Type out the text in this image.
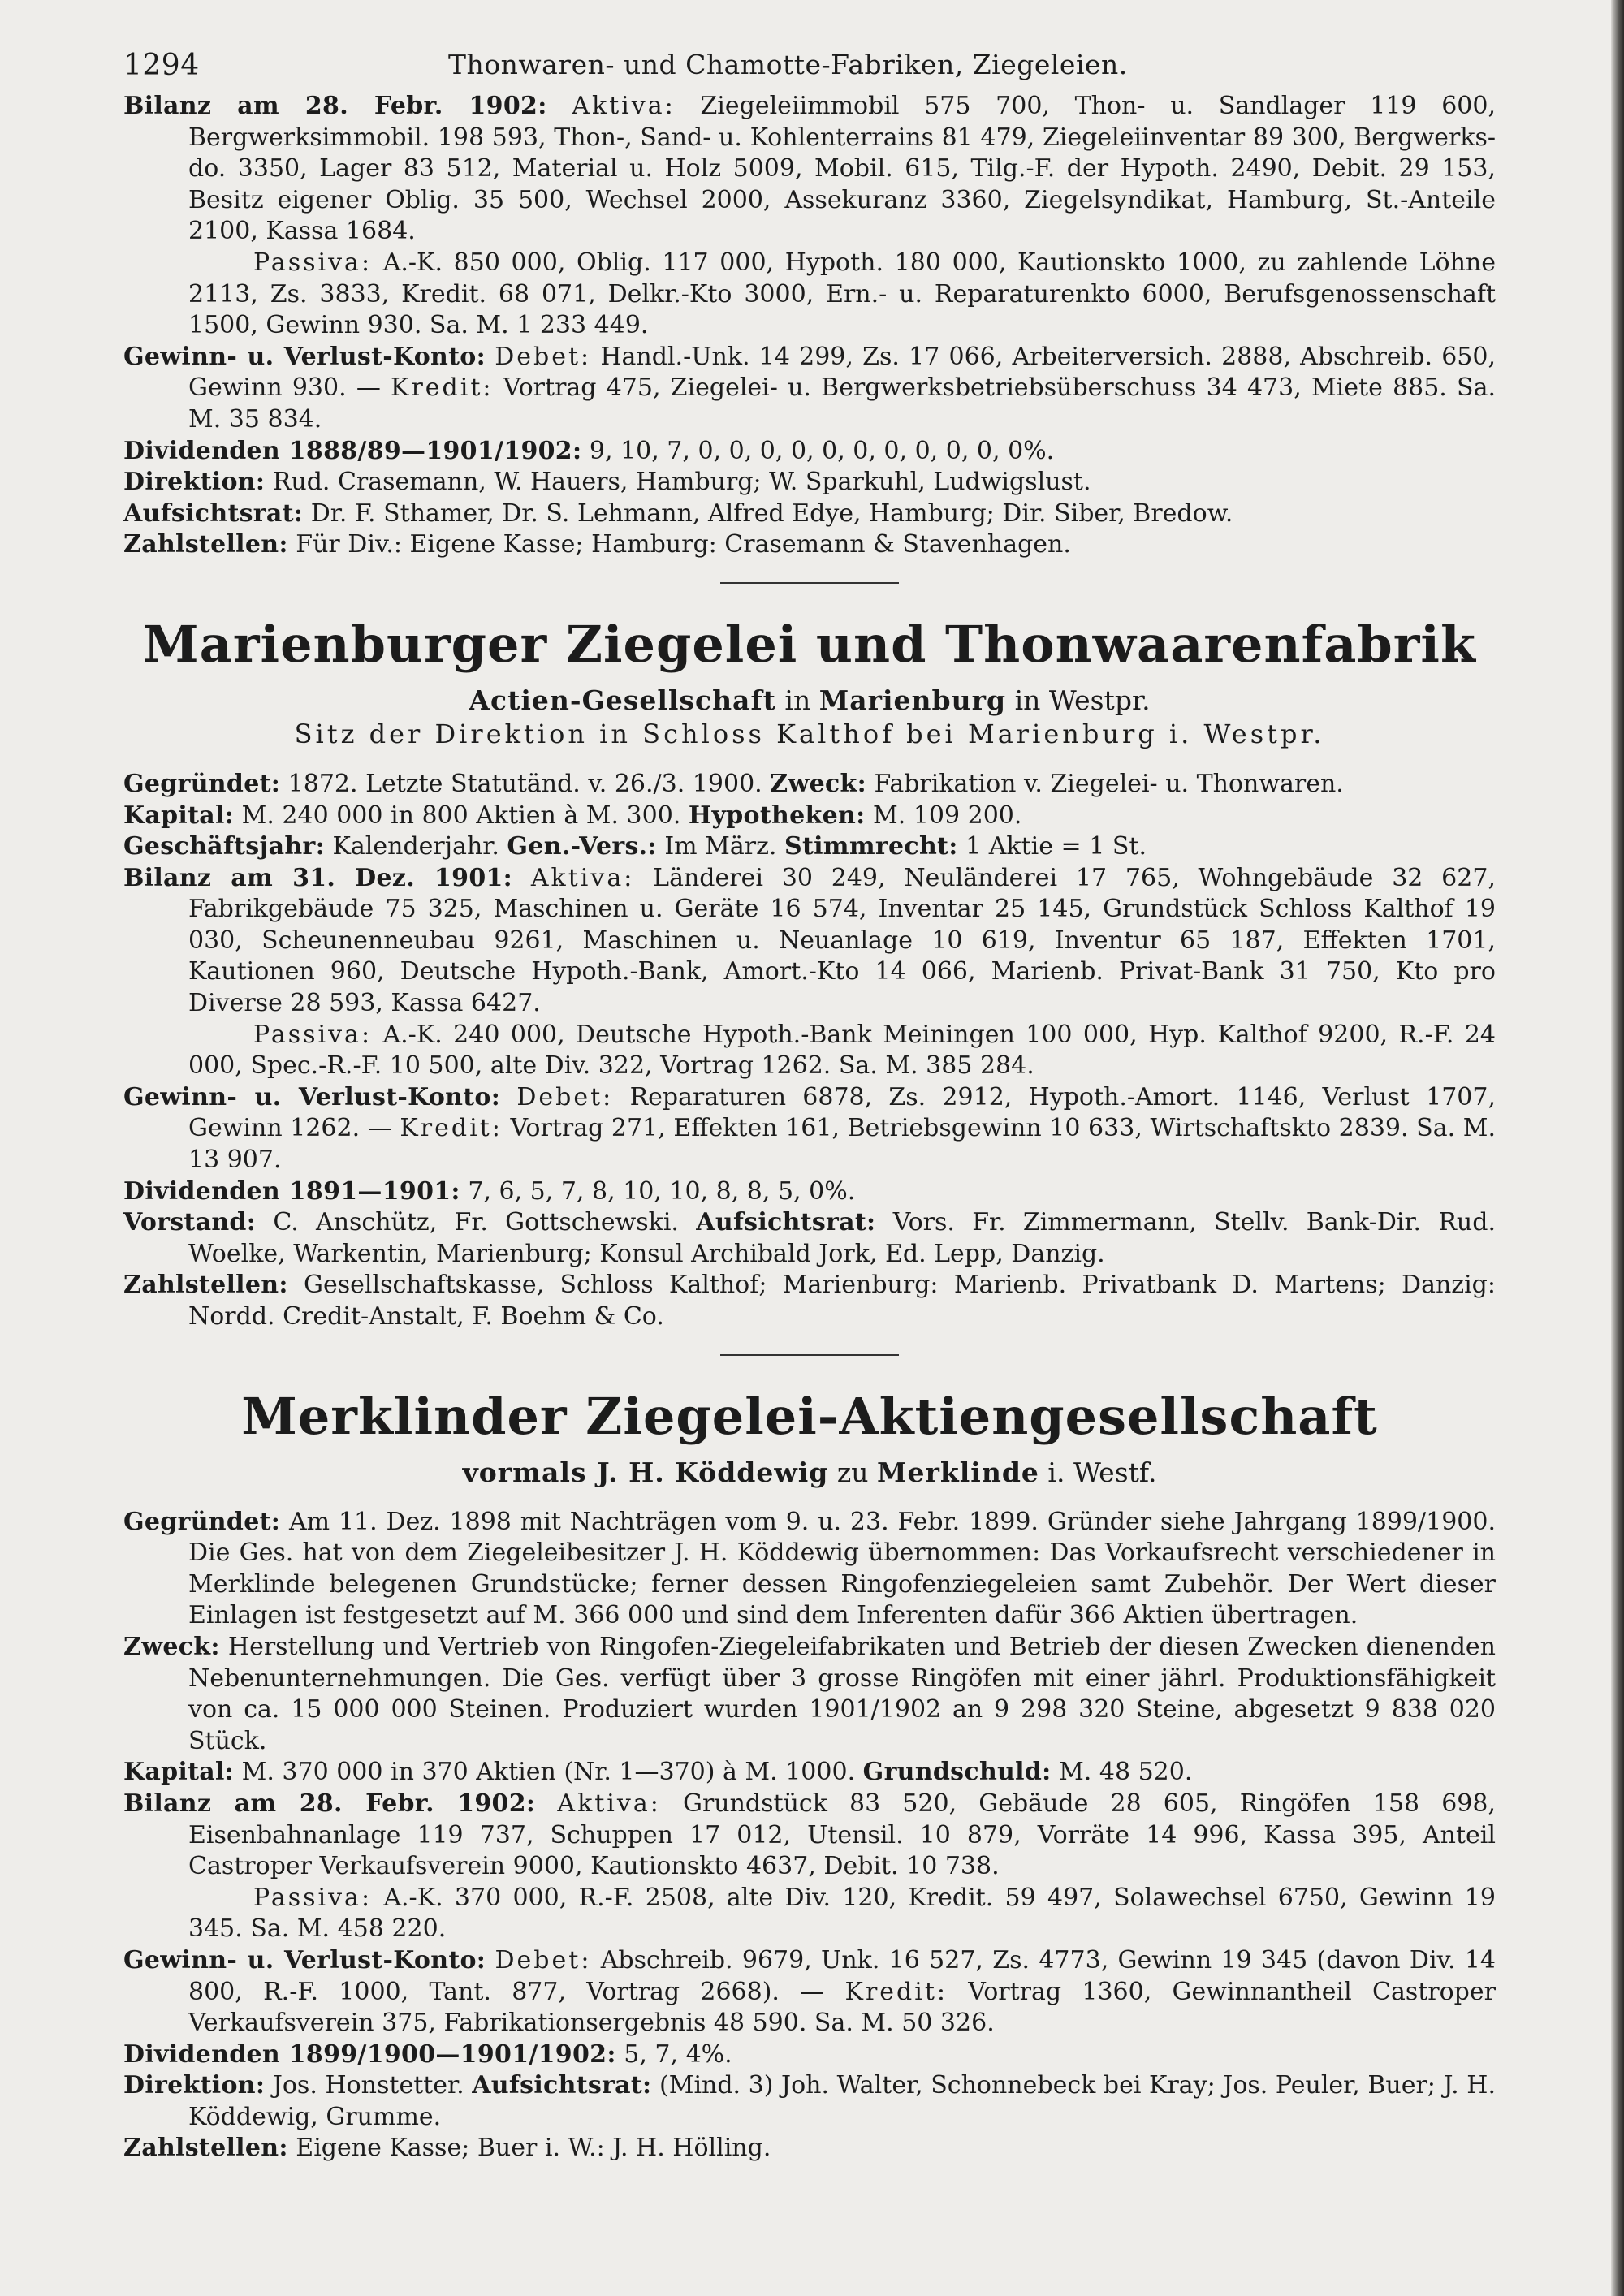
1294	Thonwaren- und Chamotte-Fabriken, Ziegeleien.

Bilanz am 28. Febr. 1902: Aktiva: Ziegeleiimmobil 575 700, Thon- u. Sandlager 119 600, Bergwerksimmobil. 198 593, Thon-, Sand- u. Kohlenterrains 81 479, Ziegeleiinventar 89 300, Bergwerks- do. 3350, Lager 83 512, Material u. Holz 5009, Mobil. 615, Tilg.-F. der Hypoth. 2490, Debit. 29 153, Besitz eigener Oblig. 35 500, Wechsel 2000, Assekuranz 3360, Ziegelsyndikat, Hamburg, St.-Anteile 2100, Kassa 1684.

Passiva: A.-K. 850 000, Oblig. 117 000, Hypoth. 180 000, Kautionskto 1000, zu zahlende Löhne 2113, Zs. 3833, Kredit. 68 071, Delkr.-Kto 3000, Ern.- u. Reparaturenkto 6000, Berufsgenossenschaft 1500, Gewinn 930. Sa. M. 1 233 449.

Gewinn- u. Verlust-Konto: Debet: Handl.-Unk. 14 299, Zs. 17 066, Arbeiterversich. 2888, Abschreib. 650, Gewinn 930. — Kredit: Vortrag 475, Ziegelei- u. Bergwerksbetriebsüberschuss 34 473, Miete 885. Sa. M. 35 834.

Dividenden 1888/89—1901/1902: 9, 10, 7, 0, 0, 0, 0, 0, 0, 0, 0, 0, 0, 0%.

Direktion: Rud. Crasemann, W. Hauers, Hamburg; W. Sparkuhl, Ludwigslust.

Aufsichtsrat: Dr. F. Sthamer, Dr. S. Lehmann, Alfred Edye, Hamburg; Dir. Siber, Bredow.

Zahlstellen: Für Div.: Eigene Kasse; Hamburg: Crasemann & Stavenhagen.

Marienburger Ziegelei und Thonwaarenfabrik

Actien-Gesellschaft in Marienburg in Westpr.

Sitz der Direktion in Schloss Kalthof bei Marienburg i. Westpr.

Gegründet: 1872. Letzte Statutänd. v. 26./3. 1900. Zweck: Fabrikation v. Ziegelei- u. Thonwaren.

Kapital: M. 240 000 in 800 Aktien à M. 300. Hypotheken: M. 109 200.

Geschäftsjahr: Kalenderjahr. Gen.-Vers.: Im März. Stimmrecht: 1 Aktie = 1 St.

Bilanz am 31. Dez. 1901: Aktiva: Länderei 30 249, Neuländerei 17 765, Wohngebäude 32 627, Fabrikgebäude 75 325, Maschinen u. Geräte 16 574, Inventar 25 145, Grundstück Schloss Kalthof 19 030, Scheunenneubau 9261, Maschinen u. Neuanlage 10 619, Inventur 65 187, Effekten 1701, Kautionen 960, Deutsche Hypoth.-Bank, Amort.-Kto 14 066, Marienb. Privat-Bank 31 750, Kto pro Diverse 28 593, Kassa 6427.

Passiva: A.-K. 240 000, Deutsche Hypoth.-Bank Meiningen 100 000, Hyp. Kalthof 9200, R.-F. 24 000, Spec.-R.-F. 10 500, alte Div. 322, Vortrag 1262. Sa. M. 385 284.

Gewinn- u. Verlust-Konto: Debet: Reparaturen 6878, Zs. 2912, Hypoth.-Amort. 1146, Verlust 1707, Gewinn 1262. — Kredit: Vortrag 271, Effekten 161, Betriebsgewinn 10 633, Wirtschaftskto 2839. Sa. M. 13 907.

Dividenden 1891—1901: 7, 6, 5, 7, 8, 10, 10, 8, 8, 5, 0%.

Vorstand: C. Anschütz, Fr. Gottschewski. Aufsichtsrat: Vors. Fr. Zimmermann, Stellv. Bank-Dir. Rud. Woelke, Warkentin, Marienburg; Konsul Archibald Jork, Ed. Lepp, Danzig.

Zahlstellen: Gesellschaftskasse, Schloss Kalthof; Marienburg: Marienb. Privatbank D. Martens; Danzig: Nordd. Credit-Anstalt, F. Boehm & Co.

Merklinder Ziegelei-Aktiengesellschaft

vormals J. H. Köddewig zu Merklinde i. Westf.

Gegründet: Am 11. Dez. 1898 mit Nachträgen vom 9. u. 23. Febr. 1899. Gründer siehe Jahrgang 1899/1900. Die Ges. hat von dem Ziegeleibesitzer J. H. Köddewig übernommen: Das Vorkaufsrecht verschiedener in Merklinde belegenen Grundstücke; ferner dessen Ringofenziegeleien samt Zubehör. Der Wert dieser Einlagen ist festgesetzt auf M. 366 000 und sind dem Inferenten dafür 366 Aktien übertragen.

Zweck: Herstellung und Vertrieb von Ringofen-Ziegeleifabrikaten und Betrieb der diesen Zwecken dienenden Nebenunternehmungen. Die Ges. verfügt über 3 grosse Ringöfen mit einer jährl. Produktionsfähigkeit von ca. 15 000 000 Steinen. Produziert wurden 1901/1902 an 9 298 320 Steine, abgesetzt 9 838 020 Stück.

Kapital: M. 370 000 in 370 Aktien (Nr. 1—370) à M. 1000. Grundschuld: M. 48 520.

Bilanz am 28. Febr. 1902: Aktiva: Grundstück 83 520, Gebäude 28 605, Ringöfen 158 698, Eisenbahnanlage 119 737, Schuppen 17 012, Utensil. 10 879, Vorräte 14 996, Kassa 395, Anteil Castroper Verkaufsverein 9000, Kautionskto 4637, Debit. 10 738.

Passiva: A.-K. 370 000, R.-F. 2508, alte Div. 120, Kredit. 59 497, Solawechsel 6750, Gewinn 19 345. Sa. M. 458 220.

Gewinn- u. Verlust-Konto: Debet: Abschreib. 9679, Unk. 16 527, Zs. 4773, Gewinn 19 345 (davon Div. 14 800, R.-F. 1000, Tant. 877, Vortrag 2668). — Kredit: Vortrag 1360, Gewinnantheil Castroper Verkaufsverein 375, Fabrikationsergebnis 48 590. Sa. M. 50 326.

Dividenden 1899/1900—1901/1902: 5, 7, 4%.

Direktion: Jos. Honstetter. Aufsichtsrat: (Mind. 3) Joh. Walter, Schonnebeck bei Kray; Jos. Peuler, Buer; J. H. Köddewig, Grumme.

Zahlstellen: Eigene Kasse; Buer i. W.: J. H. Hölling.
